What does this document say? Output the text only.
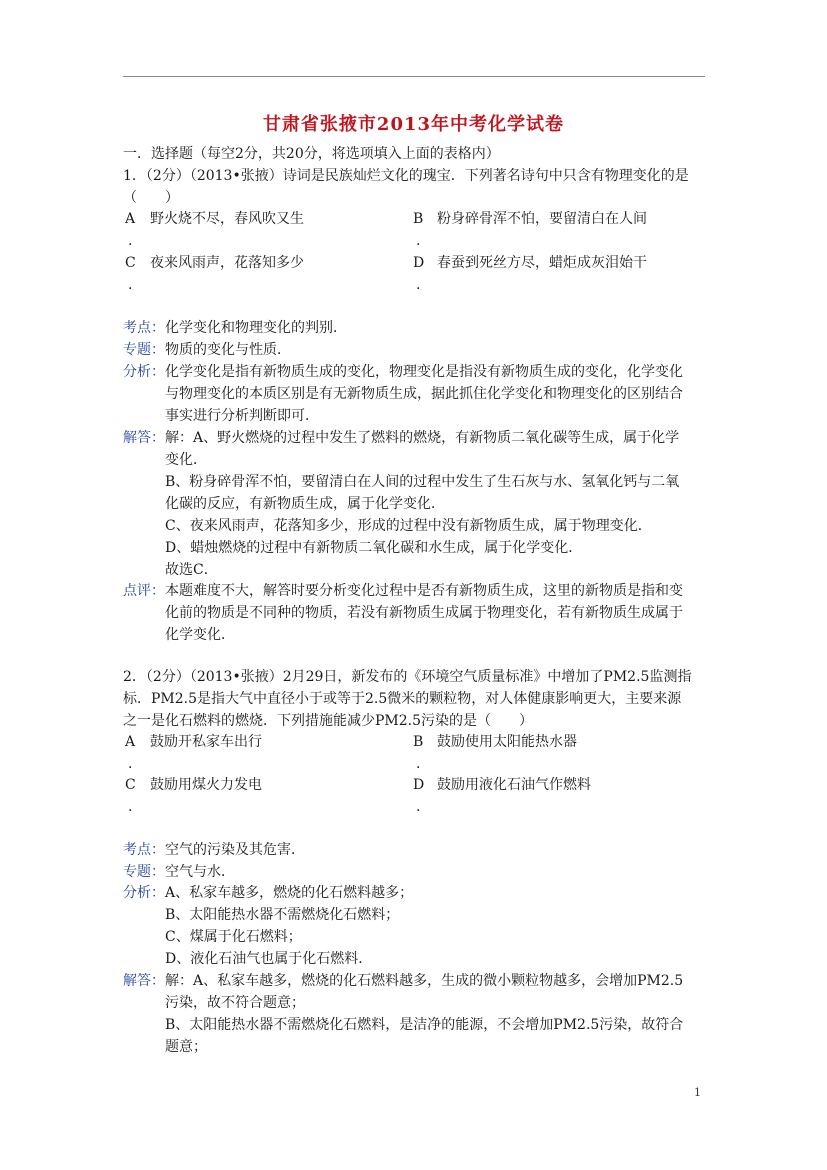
甘肃省张掖市2013年中考化学试卷
一．选择题（每空2分，共20分，将选项填入上面的表格内）
1．（2分）（2013•张掖）诗词是民族灿烂文化的瑰宝．下列著名诗句中只含有物理变化的是
（　　）
A 野火烧不尽，春风吹又生
.
B 粉身碎骨浑不怕，要留清白在人间
.
C 夜来风雨声，花落知多少
.
D 春蚕到死丝方尽，蜡炬成灰泪始干
.
考点： 化学变化和物理变化的判别．
专题： 物质的变化与性质．
分析： 化学变化是指有新物质生成的变化，物理变化是指没有新物质生成的变化，化学变化
与物理变化的本质区别是有无新物质生成，据此抓住化学变化和物理变化的区别结合
事实进行分析判断即可．
解答： 解：A、野火燃烧的过程中发生了燃料的燃烧，有新物质二氧化碳等生成，属于化学
变化．
B、粉身碎骨浑不怕，要留清白在人间的过程中发生了生石灰与水、氢氧化钙与二氧
化碳的反应，有新物质生成，属于化学变化．
C、夜来风雨声，花落知多少，形成的过程中没有新物质生成，属于物理变化．
D、蜡烛燃烧的过程中有新物质二氧化碳和水生成，属于化学变化．
故选C．
点评： 本题难度不大，解答时要分析变化过程中是否有新物质生成，这里的新物质是指和变
化前的物质是不同种的物质，若没有新物质生成属于物理变化，若有新物质生成属于
化学变化．
2．（2分）（2013•张掖）2月29日，新发布的《环境空气质量标准》中增加了PM2.5监测指
标．PM2.5是指大气中直径小于或等于2.5微米的颗粒物，对人体健康影响更大，主要来源
之一是化石燃料的燃烧．下列措施能减少PM2.5污染的是（　　）
A 鼓励开私家车出行
.
B 鼓励使用太阳能热水器
.
C 鼓励用煤火力发电
.
D 鼓励用液化石油气作燃料
.
考点： 空气的污染及其危害．
专题： 空气与水．
分析： A、私家车越多，燃烧的化石燃料越多；
B、太阳能热水器不需燃烧化石燃料；
C、煤属于化石燃料；
D、液化石油气也属于化石燃料．
解答： 解：A、私家车越多，燃烧的化石燃料越多，生成的微小颗粒物越多，会增加PM2.5
污染，故不符合题意；
B、太阳能热水器不需燃烧化石燃料，是洁净的能源，不会增加PM2.5污染，故符合
题意；
1
